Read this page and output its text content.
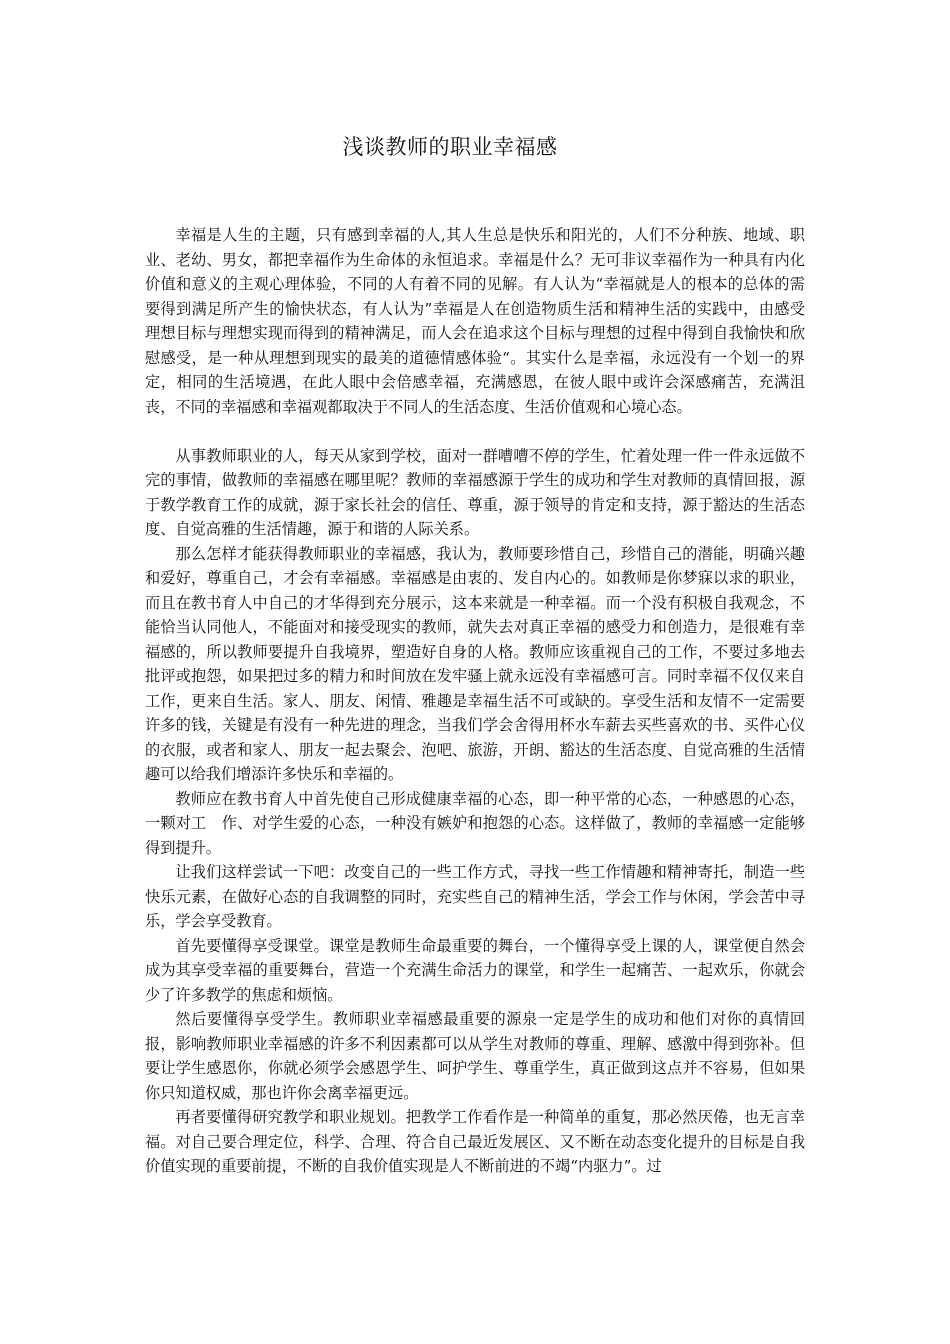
浅谈教师的职业幸福感

幸福是人生的主题，只有感到幸福的人,其人生总是快乐和阳光的，人们不分种族、地域、职业、老幼、男女，都把幸福作为生命体的永恒追求。幸福是什么？无可非议幸福作为一种具有内化价值和意义的主观心理体验，不同的人有着不同的见解。有人认为“幸福就是人的根本的总体的需要得到满足所产生的愉快状态，有人认为”幸福是人在创造物质生活和精神生活的实践中，由感受理想目标与理想实现而得到的精神满足，而人会在追求这个目标与理想的过程中得到自我愉快和欣慰感受，是一种从理想到现实的最美的道德情感体验“。其实什么是幸福，永远没有一个划一的界定，相同的生活境遇，在此人眼中会倍感幸福，充满感恩，在彼人眼中或许会深感痛苦，充满沮丧，不同的幸福感和幸福观都取决于不同人的生活态度、生活价值观和心境心态。

从事教师职业的人，每天从家到学校，面对一群嘈嘈不停的学生，忙着处理一件一件永远做不完的事情，做教师的幸福感在哪里呢？教师的幸福感源于学生的成功和学生对教师的真情回报，源于教学教育工作的成就，源于家长社会的信任、尊重，源于领导的肯定和支持，源于豁达的生活态度、自觉高雅的生活情趣，源于和谐的人际关系。

那么怎样才能获得教师职业的幸福感，我认为，教师要珍惜自己，珍惜自己的潜能，明确兴趣和爱好，尊重自己，才会有幸福感。幸福感是由衷的、发自内心的。如教师是你梦寐以求的职业，而且在教书育人中自己的才华得到充分展示，这本来就是一种幸福。而一个没有积极自我观念，不能恰当认同他人，不能面对和接受现实的教师，就失去对真正幸福的感受力和创造力，是很难有幸福感的，所以教师要提升自我境界，塑造好自身的人格。教师应该重视自己的工作，不要过多地去批评或抱怨，如果把过多的精力和时间放在发牢骚上就永远没有幸福感可言。同时幸福不仅仅来自工作，更来自生活。家人、朋友、闲情、雅趣是幸福生活不可或缺的。享受生活和友情不一定需要许多的钱，关键是有没有一种先进的理念，当我们学会舍得用杯水车薪去买些喜欢的书、买件心仪的衣服，或者和家人、朋友一起去聚会、泡吧、旅游，开朗、豁达的生活态度、自觉高雅的生活情趣可以给我们增添许多快乐和幸福的。

教师应在教书育人中首先使自己形成健康幸福的心态，即一种平常的心态，一种感恩的心态，一颗对工　作、对学生爱的心态，一种没有嫉妒和抱怨的心态。这样做了，教师的幸福感一定能够得到提升。

让我们这样尝试一下吧：改变自己的一些工作方式，寻找一些工作情趣和精神寄托，制造一些快乐元素，在做好心态的自我调整的同时，充实些自己的精神生活，学会工作与休闲，学会苦中寻乐，学会享受教育。

首先要懂得享受课堂。课堂是教师生命最重要的舞台，一个懂得享受上课的人，课堂便自然会成为其享受幸福的重要舞台，营造一个充满生命活力的课堂，和学生一起痛苦、一起欢乐，你就会少了许多教学的焦虑和烦恼。

然后要懂得享受学生。教师职业幸福感最重要的源泉一定是学生的成功和他们对你的真情回报，影响教师职业幸福感的许多不利因素都可以从学生对教师的尊重、理解、感激中得到弥补。但要让学生感恩你，你就必须学会感恩学生、呵护学生、尊重学生，真正做到这点并不容易，但如果你只知道权威，那也许你会离幸福更远。

再者要懂得研究教学和职业规划。把教学工作看作是一种简单的重复，那必然厌倦，也无言幸福。对自己要合理定位，科学、合理、符合自己最近发展区、又不断在动态变化提升的目标是自我价值实现的重要前提，不断的自我价值实现是人不断前进的不竭“内驱力”。过
